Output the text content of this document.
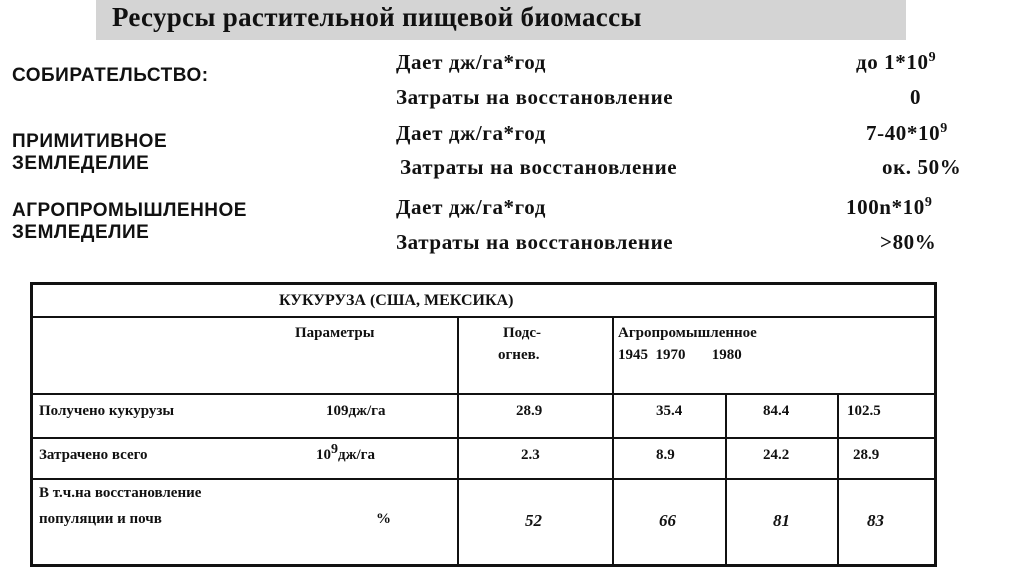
Ресурсы растительной пищевой биомассы
СОБИРАТЕЛЬСТВО:
Дает дж/га*год	до $1*10^9$
Затраты на восстановление	0
ПРИМИТИВНОЕ
ЗЕМЛЕДЕЛИЕ
Дает дж/га*год	$7-40*10^9$
Затраты на восстановление	ок. 50%
АГРОПРОМЫШЛЕННОЕ
ЗЕМЛЕДЕЛИЕ
Дает дж/га*год	$100n*10^9$
Затраты на восстановление	>80%
КУКУРУЗА (США, МЕКСИКА)
Параметры	Подс-
огнев.
Агропромышленное
1945  1970       1980
Получено кукурузы	109дж/га	28.9	35.4	84.4	102.5
Затрачено всего	$10^9дж/га$	2.3	8.9	24.2	28.9
В т.ч.на восстановление
популяции и почв	%	52	66	81	83
